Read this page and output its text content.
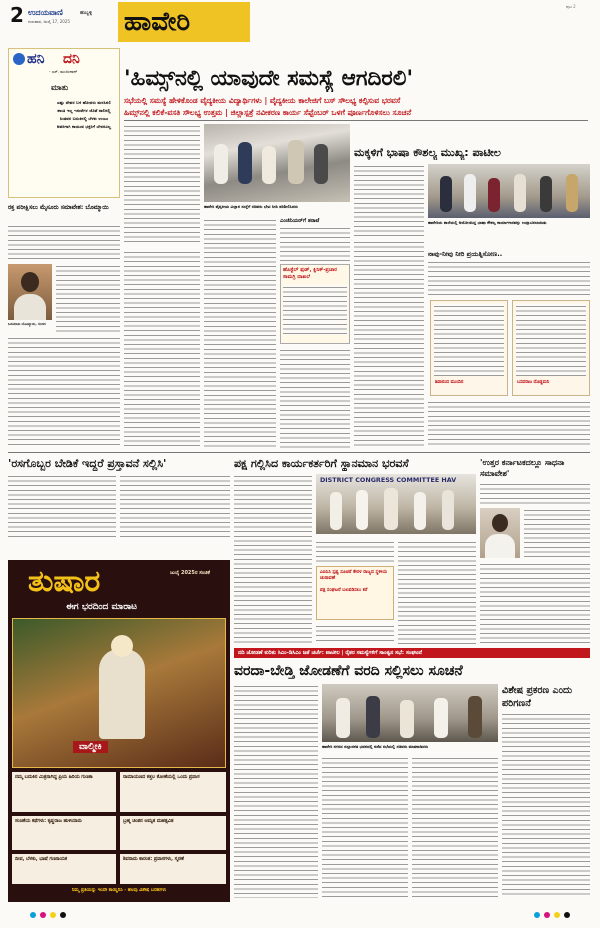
2 ಉದಯವಾಣಿ	ಹುಬ್ಬಳ್ಳಿ
ಗುರುವಾರ, ಜುಲೈ 17, 2025 ಹಾವೇರಿ
ಪುಟ 2
ಹನಿ ದನಿ
- ಎಸ್. ಮಂಜುನಾಥ್
ಮಾತು
ಎಷ್ಟು ದೇವರ ಬಳಿ ಹೋದರು ಮನಸಿನಲಿ ಶಾಂತಿ ಇಲ್ಲ ಇರುವೆಗಳ ಜೊತೆ ಸಾಲಿನಲ್ಲಿ ನಿಂತವರ ಬದುಕಿನಲ್ಲಿ ಬೆಳಕು ಉಂಟು ಅವರಿಗಾಗಿ ಕಾಯುವ ಭಕ್ತರಿಗೆ ಬೇಸರವಿಲ್ಲ
ರಕ್ತ ಪರೀಕ್ಷಿಸಲು ಮೈಸೂರು ಸಮಾವೇಶ: ಬೊಮ್ಮಾಯಿ
ಬಸವರಾಜ ಬೊಮ್ಮಾಯಿ, ಸಂಸದ
'ಹಿಮ್ಸ್‌ನಲ್ಲಿ ಯಾವುದೇ ಸಮಸ್ಯೆ ಆಗದಿರಲಿ'
ಸಭೆಯಲ್ಲಿ ಸಮಸ್ಯೆ ಹೇಳಿಕೊಂಡ ವೈದ್ಯಕೀಯ ವಿದ್ಯಾರ್ಥಿಗಳು | ವೈದ್ಯಕೀಯ ಕಾಲೇಜಿಗೆ ಬಸ್ ಸೌಲಭ್ಯ ಕಲ್ಪಿಸುವ ಭರವಸೆ
ಹಿಮ್ಸ್‌ನಲ್ಲಿ ಕಲಿಕೆ-ವಸತಿ ಸೌಲಭ್ಯ ಉತ್ತಮ | ಜಿಲ್ಲಾಸ್ಪತ್ರೆ ನವೀಕರಣ ಕಾರ್ಯ ಸೆಪ್ಟೆಂಬರ್ ಒಳಗೆ ಪೂರ್ಣಗೊಳಿಸಲು ಸೂಚನೆ
ಹಾವೇರಿ ವೈದ್ಯಕೀಯ ವಿಜ್ಞಾನ ಸಂಸ್ಥೆಗೆ ಸಚಿವರು ಭೇಟಿ ನೀಡಿ ಪರಿಶೀಲಿಸಿದರು
ಎಂಜಿನಿಯರ್‌ಗೆ ತರಾಟೆ
ಹೊಸ್ಟೆಲ್ ಫುಡ್, ಕ್ಲಿನಿಕ್-ಪ್ರಚಾರ ಸಾಮಗ್ರಿ ದಾಖಲೆ
ಮಕ್ಕಳಿಗೆ ಭಾಷಾ ಕೌಶಲ್ಯ ಮುಖ್ಯ: ಪಾಟೀಲ
ಹಾವೇರಿಯ ಶಾಲೆಯಲ್ಲಿ ಆಯೋಜಿಸಿದ್ದ ಭಾಷಾ ಕೌಶಲ್ಯ ಕಾರ್ಯಾಗಾರವನ್ನು ಉದ್ಘಾಟಿಸಲಾಯಿತು
ನಾವು-ನೀವು ನೀರಿ ಪ್ರಯತ್ನಿಸೋಣ..
ಶಿವಾನಂದ ಮುಂದಿನ	ಬಸವರಾಜ ದೊಡ್ಡಮನಿ
'ರಸಗೊಬ್ಬರ ಬೇಡಿಕೆ ಇದ್ದರೆ ಪ್ರಸ್ತಾವನೆ ಸಲ್ಲಿಸಿ'	ಪಕ್ಷ ಗಲ್ಲಿಸಿದ ಕಾರ್ಯಕರ್ತರಿಗೆ ಸ್ಥಾನಮಾನ ಭರವಸೆ
DISTRICT CONGRESS COMMITTEE HAV
ಎಐಸಿಸಿ ಸ್ಪಷ್ಟ ಸೂಚನೆ ಕೇರಳ ರಾಜ್ಯದ ಸ್ಥಳೀಯ ಚುನಾವಣೆ
ಪಕ್ಷ ಸಂಘಟನೆ ಬಲಪಡಿಸಲು ಕರೆ
'ಉತ್ತರ ಕರ್ನಾಟಕದಲ್ಲೂ ಸಾಧನಾ ಸಮಾವೇಶ'
ತುಷಾರ	ಜುಲೈ 2025ರ ಸಂಚಿಕೆ
ಈಗ ಭರದಿಂದ ಮಾರಾಟ
ವಾಲ್ಮೀಕಿ
ನಮ್ಮ ಬದುಕಿನ ಮಿತ್ರನಾಗಿದ್ದ ಪ್ರಿಯ ಹಿರಿಯ ಗುಣಕಾ	ರಾಮಾಯಣದ ಕತ್ತಲ ಕೋಣೆಯಲ್ಲಿ ಒಂದು ಪ್ರವಾಸ
ಸಂಚಿಕೆಯ ಕಥೆಗಳು: ಕೃಷ್ಣರಾಜ ಹುಳಿಯಾರು	ಬ್ರಹ್ಮ ಚಿಂತನ ಅಮೃತ ಮಹತ್ಸವಿತ
ದೀಪ, ಬೆಳಕು, ಭಾಷೆ ಗಣನಾಯಕ	ಶಿವರಾಮ ಕಾರಂತ: ಪ್ರವಾಸಗಳು, ಸ್ಮರಣೆ
ನಿಮ್ಮ ಪ್ರತಿಯನ್ನು ಇಂದೇ ಕಾಯ್ದಿರಿಸಿ - ಹಲವು ವಿಶೇಷ ಬರಹಗಳು
ನದಿ ಜೋಡಣೆ ಕುರಿತು ಸಿಎಂ-ಡಿಸಿಎಂ ಜತೆ ಚರ್ಚೆ: ಪಾಟೀಲ | ರೈತರ ಸಮಸ್ಯೆಗಳಿಗೆ ಸಾಂತ್ವನ ಸಭೆ: ಸಂಘಟನೆ
ವರದಾ-ಬೇಡ್ತಿ ಜೋಡಣೆಗೆ ವರದಿ ಸಲ್ಲಿಸಲು ಸೂಚನೆ
ಹಾವೇರಿ ನಗರದ ಜಿಲ್ಲಾಡಳಿತ ಭವನದಲ್ಲಿ ನಡೆದ ಸಭೆಯಲ್ಲಿ ಸಚಿವರು ಮಾತನಾಡಿದರು
ವಿಶೇಷ ಪ್ರಕರಣ ಎಂದು ಪರಿಗಣನೆ
